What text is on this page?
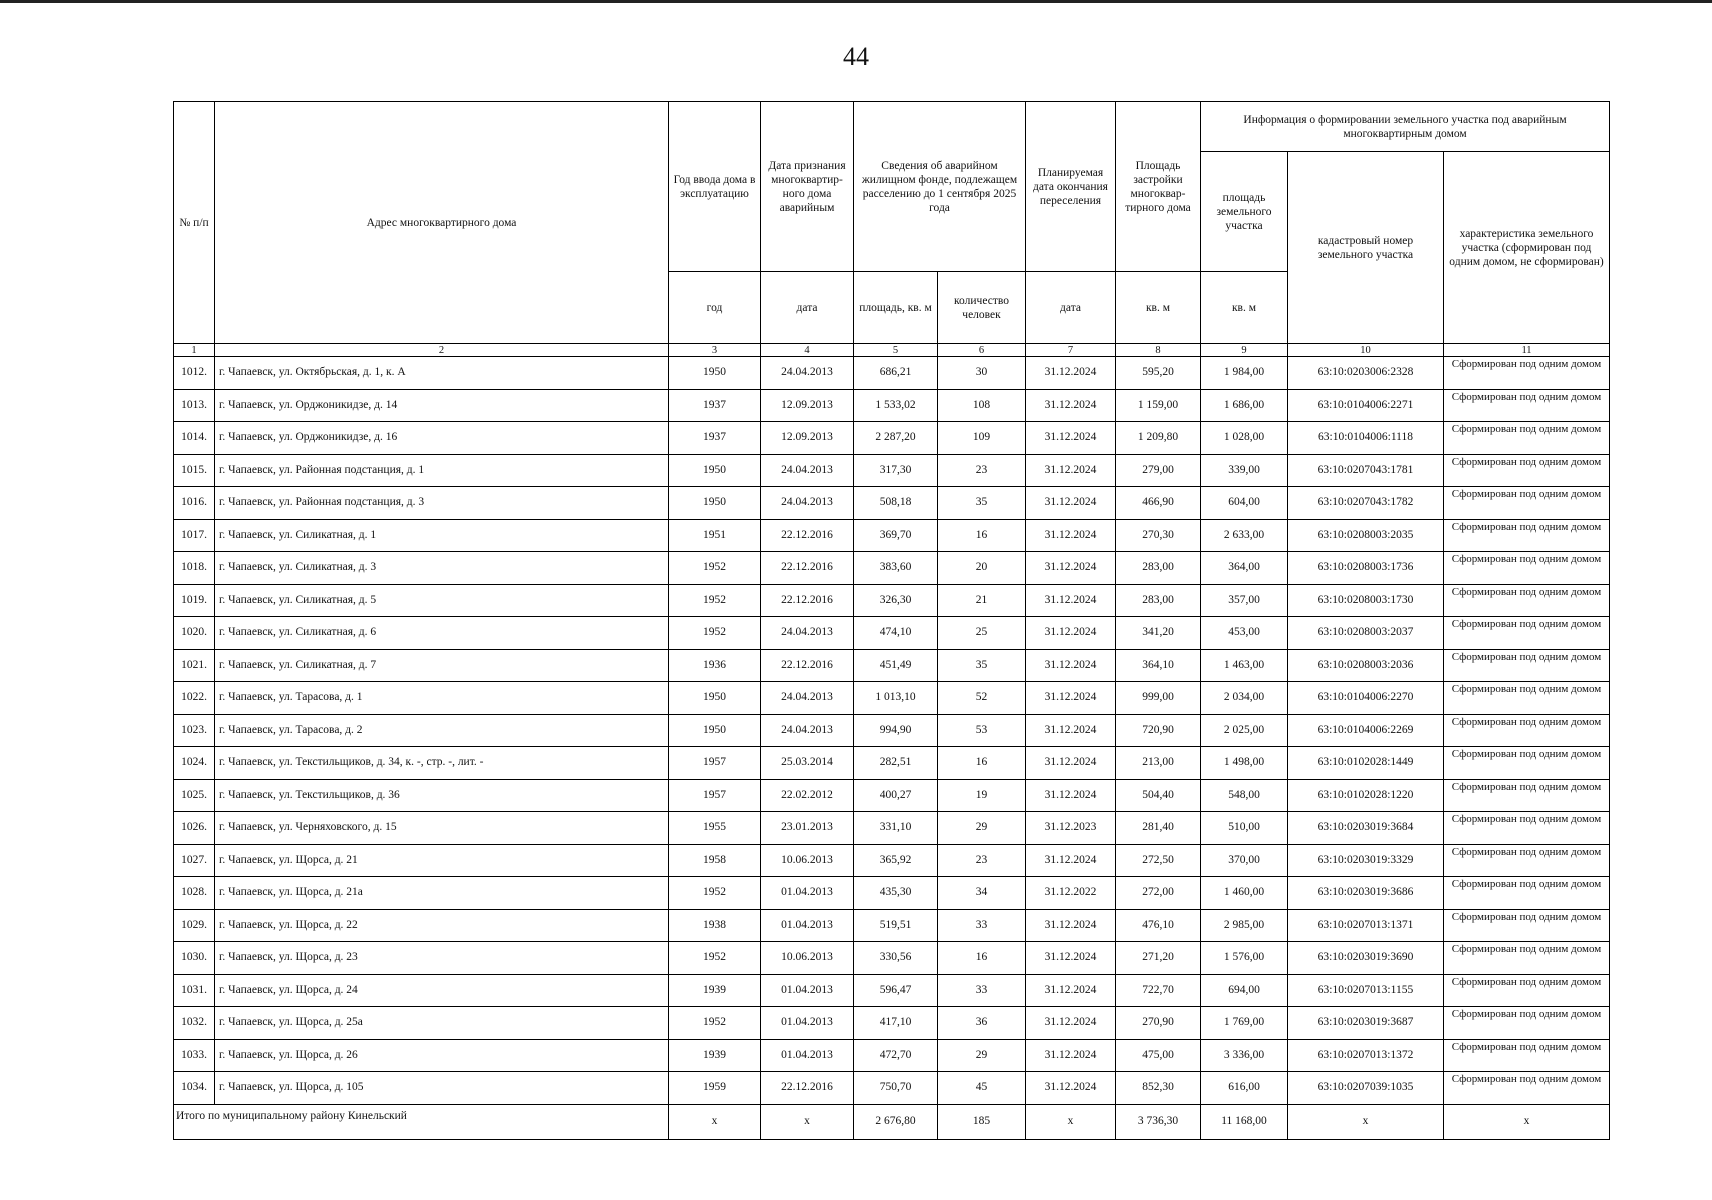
44
№ п/п	Адрес многоквартирного дома	Год ввода дома в эксплуатацию	Дата признания многоквартир-ного дома аварийным	Сведения об аварийном жилищном фонде, подлежащем расселению до 1 сентября 2025 года		Планируемая дата окончания переселения	Площадь застройки многоквар-тирного дома	Информация о формировании земельного участка под аварийным многоквартирным домом		
								площадь земельного участка	кадастровый номер земельного участка	характеристика земельного участка (сформирован под одним домом, не сформирован)
		год	дата	площадь, кв. м	количество человек	дата	кв. м	кв. м		
1	2	3	4	5	6	7	8	9	10	11
1012.	г. Чапаевск, ул. Октябрьская, д. 1, к. А	1950	24.04.2013	686,21	30	31.12.2024	595,20	1 984,00	63:10:0203006:2328	Сформирован под одним домом
1013.	г. Чапаевск, ул. Орджоникидзе, д. 14	1937	12.09.2013	1 533,02	108	31.12.2024	1 159,00	1 686,00	63:10:0104006:2271	Сформирован под одним домом
1014.	г. Чапаевск, ул. Орджоникидзе, д. 16	1937	12.09.2013	2 287,20	109	31.12.2024	1 209,80	1 028,00	63:10:0104006:1118	Сформирован под одним домом
1015.	г. Чапаевск, ул. Районная подстанция, д. 1	1950	24.04.2013	317,30	23	31.12.2024	279,00	339,00	63:10:0207043:1781	Сформирован под одним домом
1016.	г. Чапаевск, ул. Районная подстанция, д. 3	1950	24.04.2013	508,18	35	31.12.2024	466,90	604,00	63:10:0207043:1782	Сформирован под одним домом
1017.	г. Чапаевск, ул. Силикатная, д. 1	1951	22.12.2016	369,70	16	31.12.2024	270,30	2 633,00	63:10:0208003:2035	Сформирован под одним домом
1018.	г. Чапаевск, ул. Силикатная, д. 3	1952	22.12.2016	383,60	20	31.12.2024	283,00	364,00	63:10:0208003:1736	Сформирован под одним домом
1019.	г. Чапаевск, ул. Силикатная, д. 5	1952	22.12.2016	326,30	21	31.12.2024	283,00	357,00	63:10:0208003:1730	Сформирован под одним домом
1020.	г. Чапаевск, ул. Силикатная, д. 6	1952	24.04.2013	474,10	25	31.12.2024	341,20	453,00	63:10:0208003:2037	Сформирован под одним домом
1021.	г. Чапаевск, ул. Силикатная, д. 7	1936	22.12.2016	451,49	35	31.12.2024	364,10	1 463,00	63:10:0208003:2036	Сформирован под одним домом
1022.	г. Чапаевск, ул. Тарасова, д. 1	1950	24.04.2013	1 013,10	52	31.12.2024	999,00	2 034,00	63:10:0104006:2270	Сформирован под одним домом
1023.	г. Чапаевск, ул. Тарасова, д. 2	1950	24.04.2013	994,90	53	31.12.2024	720,90	2 025,00	63:10:0104006:2269	Сформирован под одним домом
1024.	г. Чапаевск, ул. Текстильщиков, д. 34, к. -, стр. -, лит. -	1957	25.03.2014	282,51	16	31.12.2024	213,00	1 498,00	63:10:0102028:1449	Сформирован под одним домом
1025.	г. Чапаевск, ул. Текстильщиков, д. 36	1957	22.02.2012	400,27	19	31.12.2024	504,40	548,00	63:10:0102028:1220	Сформирован под одним домом
1026.	г. Чапаевск, ул. Черняховского, д. 15	1955	23.01.2013	331,10	29	31.12.2023	281,40	510,00	63:10:0203019:3684	Сформирован под одним домом
1027.	г. Чапаевск, ул. Щорса, д. 21	1958	10.06.2013	365,92	23	31.12.2024	272,50	370,00	63:10:0203019:3329	Сформирован под одним домом
1028.	г. Чапаевск, ул. Щорса, д. 21а	1952	01.04.2013	435,30	34	31.12.2022	272,00	1 460,00	63:10:0203019:3686	Сформирован под одним домом
1029.	г. Чапаевск, ул. Щорса, д. 22	1938	01.04.2013	519,51	33	31.12.2024	476,10	2 985,00	63:10:0207013:1371	Сформирован под одним домом
1030.	г. Чапаевск, ул. Щорса, д. 23	1952	10.06.2013	330,56	16	31.12.2024	271,20	1 576,00	63:10:0203019:3690	Сформирован под одним домом
1031.	г. Чапаевск, ул. Щорса, д. 24	1939	01.04.2013	596,47	33	31.12.2024	722,70	694,00	63:10:0207013:1155	Сформирован под одним домом
1032.	г. Чапаевск, ул. Щорса, д. 25а	1952	01.04.2013	417,10	36	31.12.2024	270,90	1 769,00	63:10:0203019:3687	Сформирован под одним домом
1033.	г. Чапаевск, ул. Щорса, д. 26	1939	01.04.2013	472,70	29	31.12.2024	475,00	3 336,00	63:10:0207013:1372	Сформирован под одним домом
1034.	г. Чапаевск, ул. Щорса, д. 105	1959	22.12.2016	750,70	45	31.12.2024	852,30	616,00	63:10:0207039:1035	Сформирован под одним домом
Итого по муниципальному району Кинельский		х	х	2 676,80	185	х	3 736,30	11 168,00	х	х
